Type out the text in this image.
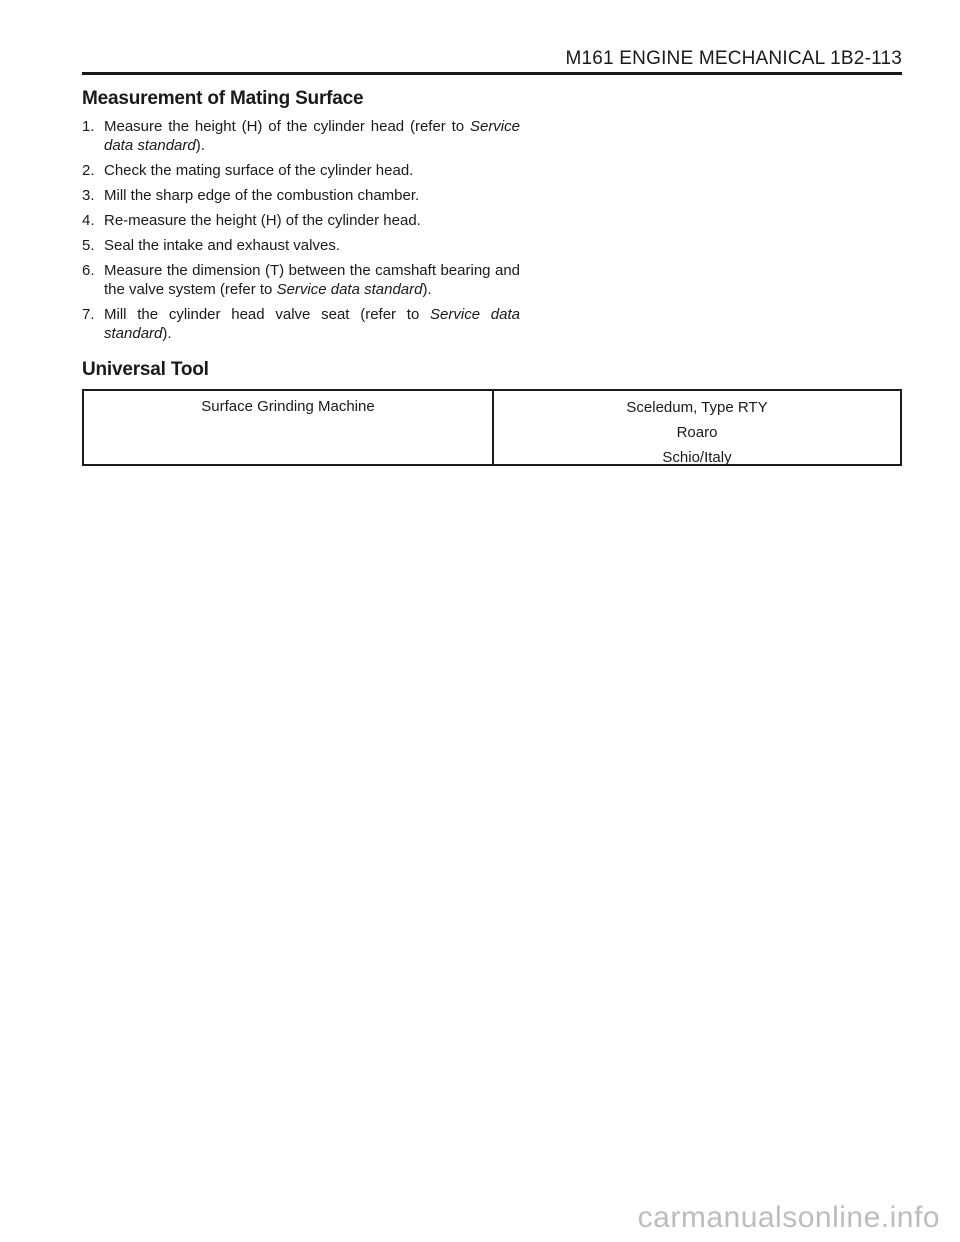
M161 ENGINE MECHANICAL 1B2-113
Measurement of Mating Surface
1. Measure the height (H) of the cylinder head (refer to Service data standard).
2. Check the mating surface of the cylinder head.
3. Mill the sharp edge of the combustion chamber.
4. Re-measure the height (H) of the cylinder head.
5. Seal the intake and exhaust valves.
6. Measure the dimension (T) between the camshaft bearing and the valve system (refer to Service data standard).
7. Mill the cylinder head valve seat (refer to Service data standard).
Universal Tool
Surface Grinding Machine	Sceledum, Type RTY
Roaro
Schio/Italy
carmanualsonline.info
